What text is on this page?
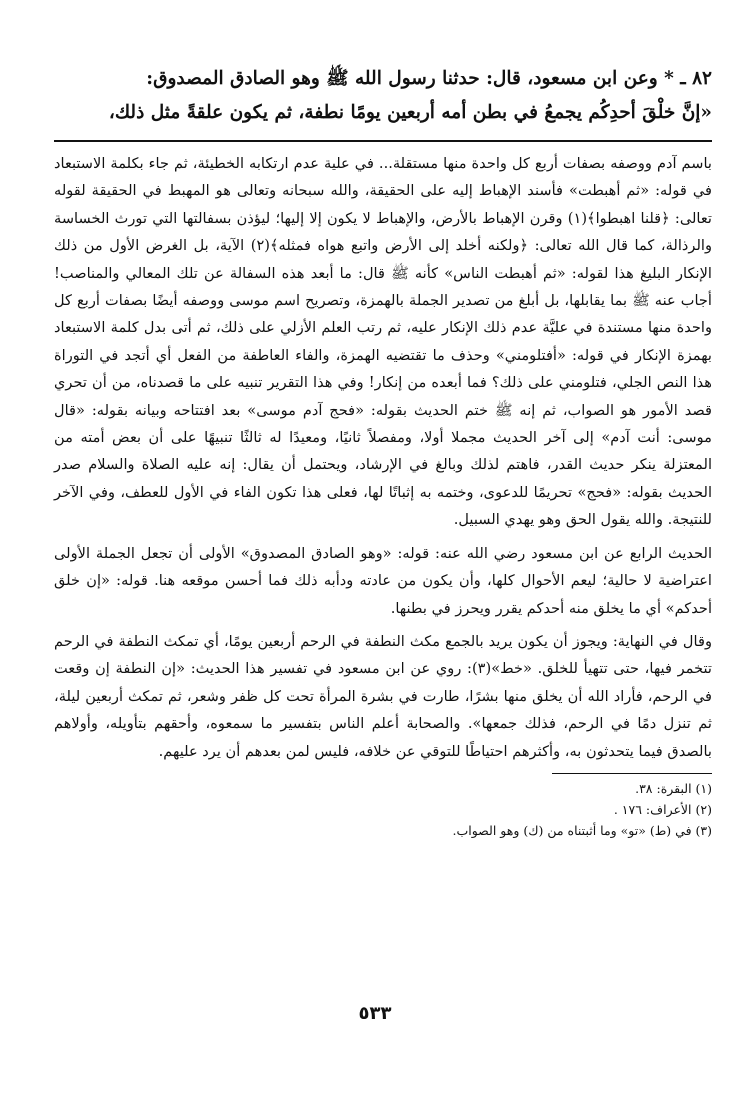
٨٢ ـ * وعن ابن مسعود، قال: حدثنا رسول الله ﷺ وهو الصادق المصدوق:
«إنَّ خلْقَ أحدِكُم يجمعُ في بطن أمه أربعين يومًا نطفة، ثم يكون علقةً مثل ذلك،

باسم آدم ووصفه بصفات أربع كل واحدة منها مستقلة... في علية عدم ارتكابه الخطيئة، ثم جاء بكلمة الاستبعاد في قوله: «ثم أهبطت» فأسند الإهباط إليه على الحقيقة، والله سبحانه وتعالى هو المهبط في الحقيقة لقوله تعالى: ﴿قلنا اهبطوا﴾(١) وقرن الإهباط بالأرض، والإهباط لا يكون إلا إليها؛ ليؤذن بسفالتها التي تورث الخساسة والرذالة، كما قال الله تعالى: ﴿ولكنه أخلد إلى الأرض واتبع هواه فمثله﴾(٢) الآية، بل الغرض الأول من ذلك الإنكار البليغ هذا لقوله: «ثم أهبطت الناس» كأنه ﷺ قال: ما أبعد هذه السفالة عن تلك المعالي والمناصب! أجاب عنه ﷺ بما يقابلها، بل أبلغ من تصدير الجملة بالهمزة، وتصريح اسم موسى ووصفه أيضًا بصفات أربع كل واحدة منها مستندة في عليَّة عدم ذلك الإنكار عليه، ثم رتب العلم الأزلي على ذلك، ثم أتى بدل كلمة الاستبعاد بهمزة الإنكار في قوله: «أفتلومني» وحذف ما تقتضيه الهمزة، والفاء العاطفة من الفعل أي أتجد في التوراة هذا النص الجلي، فتلومني على ذلك؟ فما أبعده من إنكار! وفي هذا التقرير تنبيه على ما قصدناه، من أن تحري قصد الأمور هو الصواب، ثم إنه ﷺ ختم الحديث بقوله: «فحج آدم موسى» بعد افتتاحه وبيانه بقوله: «قال موسى: أنت آدم» إلى آخر الحديث مجملا أولا، ومفصلاً ثانيًا، ومعيدًا له ثالثًا تنبيهًا على أن بعض أمته من المعتزلة ينكر حديث القدر، فاهتم لذلك وبالغ في الإرشاد، ويحتمل أن يقال: إنه عليه الصلاة والسلام صدر الحديث بقوله: «فحج» تحريمًا للدعوى، وختمه به إثباتًا لها، فعلى هذا تكون الفاء في الأول للعطف، وفي الآخر للنتيجة. والله يقول الحق وهو يهدي السبيل.

الحديث الرابع عن ابن مسعود رضي الله عنه: قوله: «وهو الصادق المصدوق» الأولى أن تجعل الجملة الأولى اعتراضية لا حالية؛ ليعم الأحوال كلها، وأن يكون من عادته ودأبه ذلك فما أحسن موقعه هنا. قوله: «إن خلق أحدكم» أي ما يخلق منه أحدكم يقرر ويحرز في بطنها.

وقال في النهاية: ويجوز أن يكون يريد بالجمع مكث النطفة في الرحم أربعين يومًا، أي تمكث النطفة في الرحم تتخمر فيها، حتى تتهيأ للخلق. «خط»(٣): روي عن ابن مسعود في تفسير هذا الحديث: «إن النطفة إن وقعت في الرحم، فأراد الله أن يخلق منها بشرًا، طارت في بشرة المرأة تحت كل ظفر وشعر، ثم تمكث أربعين ليلة، ثم تنزل دمًا في الرحم، فذلك جمعها». والصحابة أعلم الناس بتفسير ما سمعوه، وأحقهم بتأويله، وأولاهم بالصدق فيما يتحدثون به، وأكثرهم احتياطًا للتوقي عن خلافه، فليس لمن بعدهم أن يرد عليهم.

(١) البقرة: ٣٨.
(٢) الأعراف: ١٧٦ .
(٣) في (ط) «تو» وما أثبتناه من (ك) وهو الصواب.
٥٣٣
